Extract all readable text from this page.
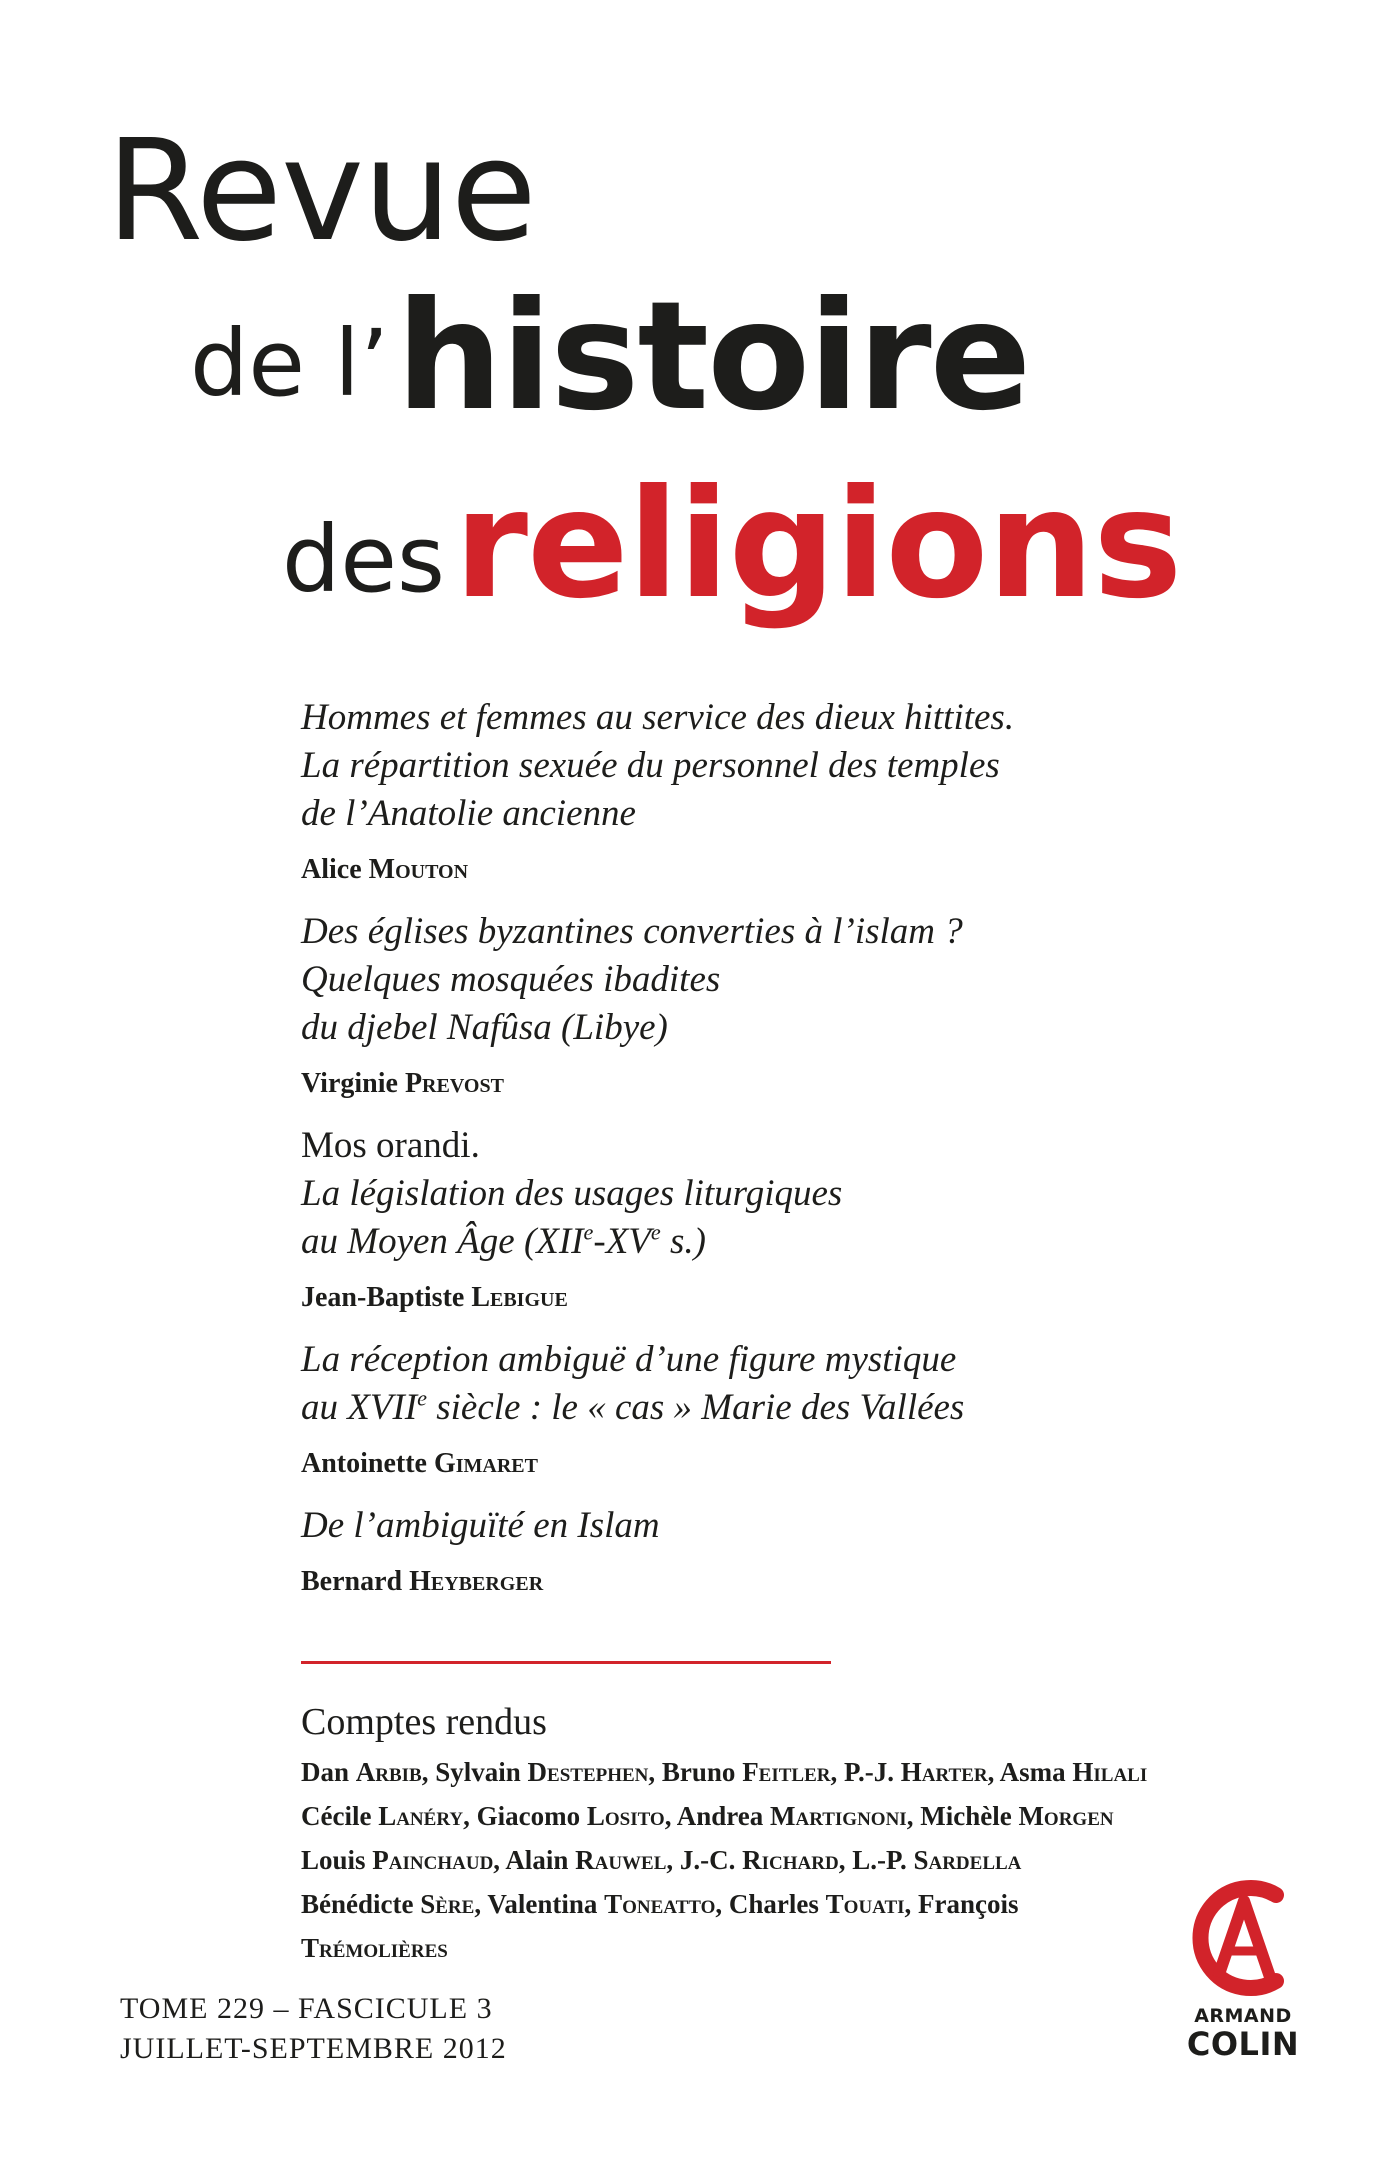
Revue
de l’ histoire
des religions
Hommes et femmes au service des dieux hittites.
La répartition sexuée du personnel des temples
de l’Anatolie ancienne
Alice Mouton
Des églises byzantines converties à l’islam ?
Quelques mosquées ibadites
du djebel Nafûsa (Libye)
Virginie Prevost
Mos orandi.
La législation des usages liturgiques
au Moyen Âge (XIIe-XVe s.)
Jean-Baptiste Lebigue
La réception ambiguë d’une figure mystique
au XVIIe siècle : le « cas » Marie des Vallées
Antoinette Gimaret
De l’ambiguïté en Islam
Bernard Heyberger
Comptes rendus
Dan Arbib, Sylvain Destephen, Bruno Feitler, P.-J. Harter, Asma Hilali
Cécile Lanéry, Giacomo Losito, Andrea Martignoni, Michèle Morgen
Louis Painchaud, Alain Rauwel, J.-C. Richard, L.-P. Sardella
Bénédicte Sère, Valentina Toneatto, Charles Touati, François
Trémolières
TOME 229 – FASCICULE 3
JUILLET-SEPTEMBRE 2012
ARMAND
COLIN
